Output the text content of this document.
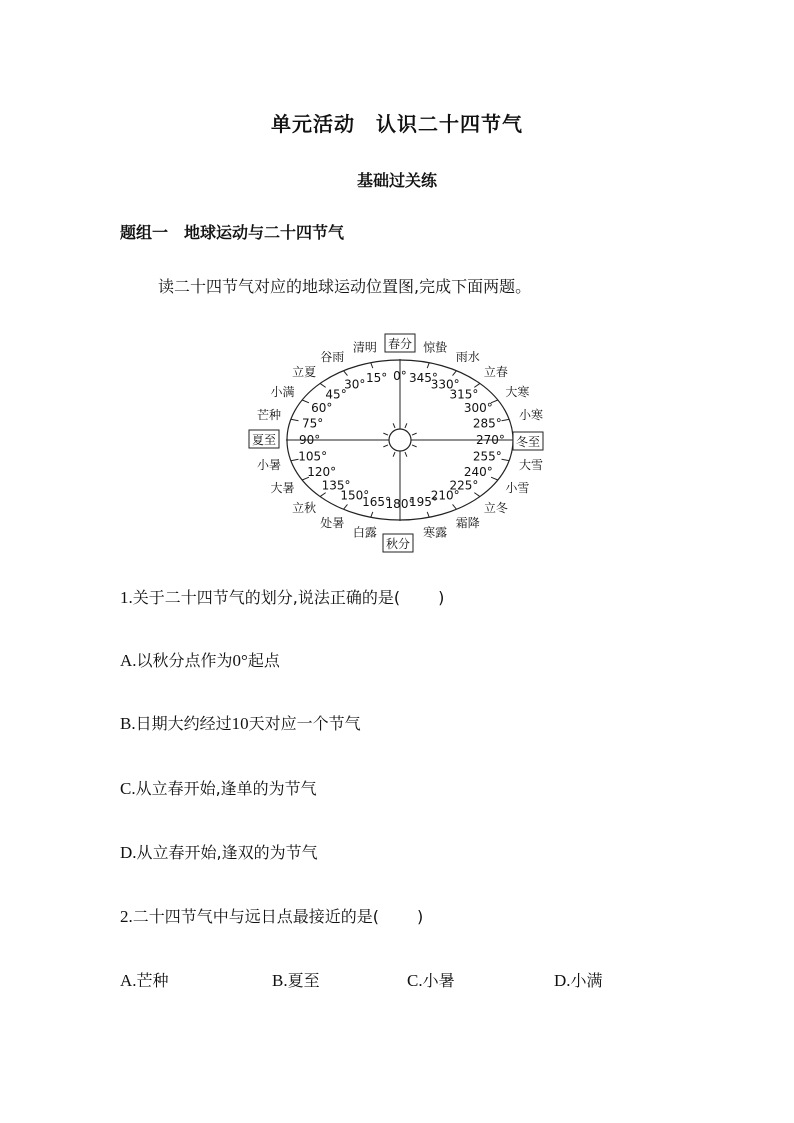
单元活动　认识二十四节气
基础过关练
题组一　地球运动与二十四节气
读二十四节气对应的地球运动位置图,完成下面两题。
15°
30°
45°
60°
75°
90°
105°
120°
135°
150°
165°
180°
195°
210°
225°
240°
255°
270°
285°
300°
315°
330°
345°
0°
清明
谷雨
立夏
小满
芒种
小暑
大暑
立秋
处暑
白露	寒露
霜降
立冬
小雪
大雪
小寒
大寒
立春
雨水
惊蛰
春分
夏至	冬至
秋分
1.关于二十四节气的划分,说法正确的是( )
A.以秋分点作为0°起点
B.日期大约经过10天对应一个节气
C.从立春开始,逢单的为节气
D.从立春开始,逢双的为节气
2.二十四节气中与远日点最接近的是( )
A.芒种	B.夏至	C.小暑	D.小满
